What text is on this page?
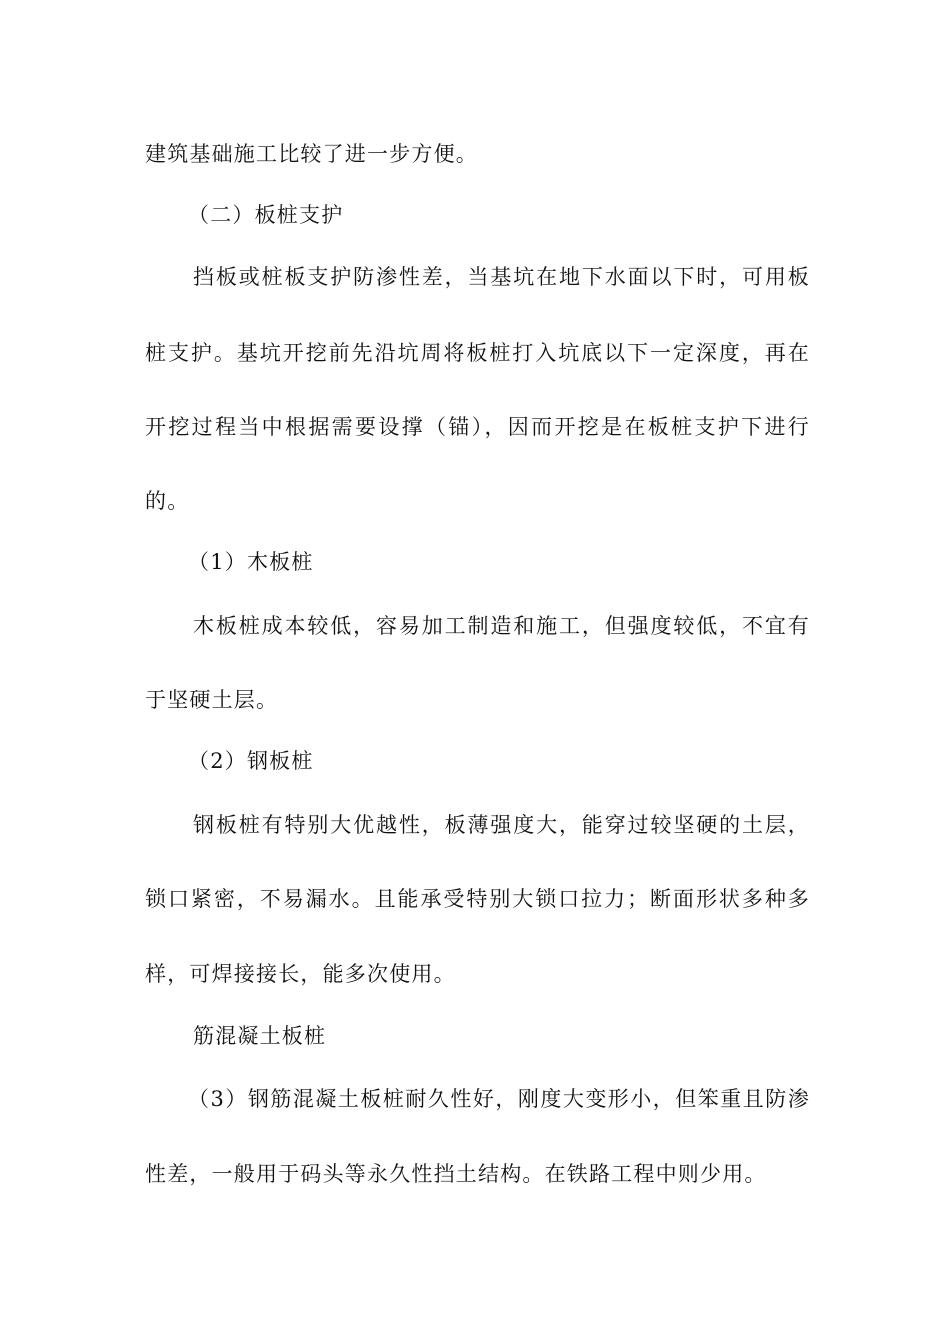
建筑基础施工比较了进一步方便。
（二）板桩支护
挡板或桩板支护防渗性差，当基坑在地下水面以下时，可用板
桩支护。基坑开挖前先沿坑周将板桩打入坑底以下一定深度，再在
开挖过程当中根据需要设撑（锚），因而开挖是在板桩支护下进行
的。
（1）木板桩
木板桩成本较低，容易加工制造和施工，但强度较低，不宜有
于坚硬土层。
（2）钢板桩
钢板桩有特别大优越性，板薄强度大，能穿过较坚硬的土层，
锁口紧密，不易漏水。且能承受特别大锁口拉力；断面形状多种多
样，可焊接接长，能多次使用。
筋混凝土板桩
（3）钢筋混凝土板桩耐久性好，刚度大变形小，但笨重且防渗
性差，一般用于码头等永久性挡土结构。在铁路工程中则少用。
